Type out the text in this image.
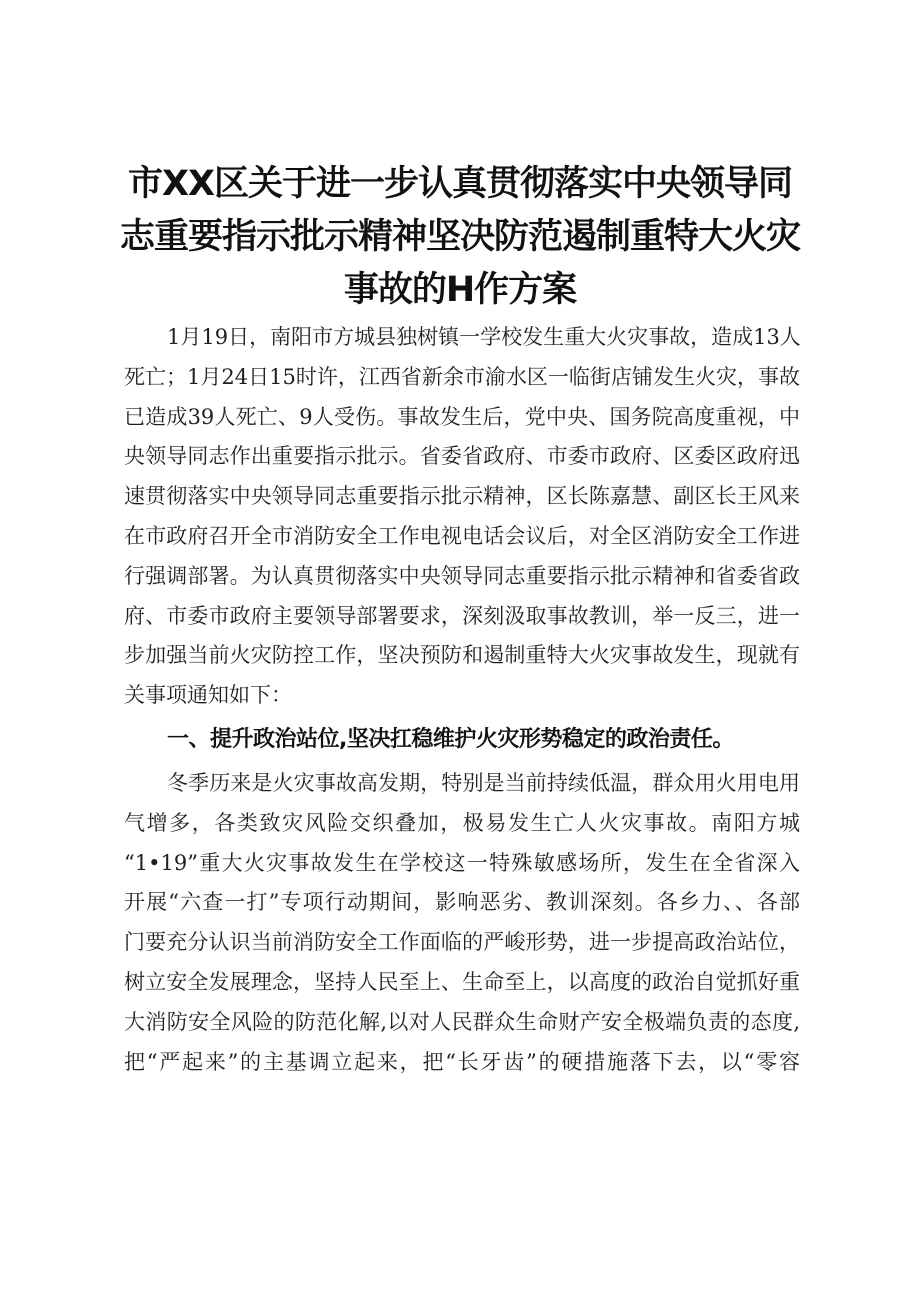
市XX区关于进一步认真贯彻落实中央领导同
志重要指示批示精神坚决防范遏制重特大火灾
事故的H作方案
1月19日，南阳市方城县独树镇一学校发生重大火灾事故，造成13人
死亡；1月24日15时许，江西省新余市渝水区一临街店铺发生火灾，事故
已造成39人死亡、9人受伤。事故发生后，党中央、国务院高度重视，中
央领导同志作出重要指示批示。省委省政府、市委市政府、区委区政府迅
速贯彻落实中央领导同志重要指示批示精神，区长陈嘉慧、副区长王风来
在市政府召开全市消防安全工作电视电话会议后，对全区消防安全工作进
行强调部署。为认真贯彻落实中央领导同志重要指示批示精神和省委省政
府、市委市政府主要领导部署要求，深刻汲取事故教训，举一反三，进一
步加强当前火灾防控工作，坚决预防和遏制重特大火灾事故发生，现就有
关事项通知如下：
一、提升政治站位,坚决扛稳维护火灾形势稳定的政治责任。
冬季历来是火灾事故高发期，特别是当前持续低温，群众用火用电用
气增多，各类致灾风险交织叠加，极易发生亡人火灾事故。南阳方城
“1•19”重大火灾事故发生在学校这一特殊敏感场所，发生在全省深入
开展“六查一打”专项行动期间，影响恶劣、教训深刻。各乡力、、各部
门要充分认识当前消防安全工作面临的严峻形势，进一步提高政治站位，
树立安全发展理念，坚持人民至上、生命至上，以高度的政治自觉抓好重
大消防安全风险的防范化解,以对人民群众生命财产安全极端负责的态度,
把“严起来”的主基调立起来，把“长牙齿”的硬措施落下去，以“零容
